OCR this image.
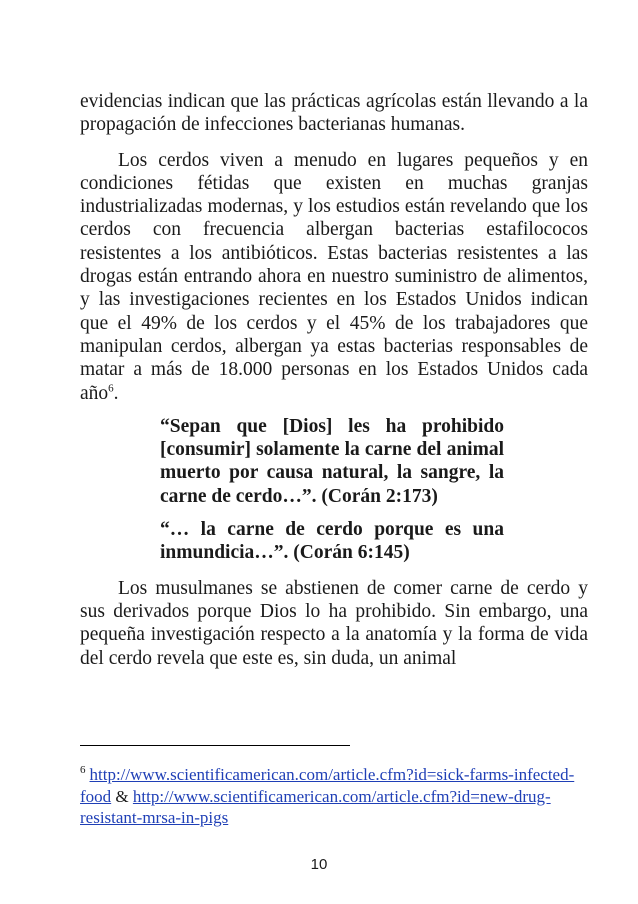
evidencias indican que las prácticas agrícolas están llevando a la propagación de infecciones bacterianas humanas.

Los cerdos viven a menudo en lugares pequeños y en condiciones fétidas que existen en muchas granjas industrializadas modernas, y los estudios están revelando que los cerdos con frecuencia albergan bacterias estafilococos resistentes a los antibióticos. Estas bacterias resistentes a las drogas están entrando ahora en nuestro suministro de alimentos, y las investigaciones recientes en los Estados Unidos indican que el 49% de los cerdos y el 45% de los trabajadores que manipulan cerdos, albergan ya estas bacterias responsables de matar a más de 18.000 personas en los Estados Unidos cada año$^6$.

“Sepan que [Dios] les ha prohibido [consumir] solamente la carne del animal muerto por causa natural, la sangre, la carne de cerdo…”. (Corán 2:173)

“… la carne de cerdo porque es una inmundicia…”. (Corán 6:145)

Los musulmanes se abstienen de comer carne de cerdo y sus derivados porque Dios lo ha prohibido. Sin embargo, una pequeña investigación respecto a la anatomía y la forma de vida del cerdo revela que este es, sin duda, un animal

$^6$ http://www.scientificamerican.com/article.cfm?id=sick-farms-infected-food & http://www.scientificamerican.com/article.cfm?id=new-drug-resistant-mrsa-in-pigs
10
